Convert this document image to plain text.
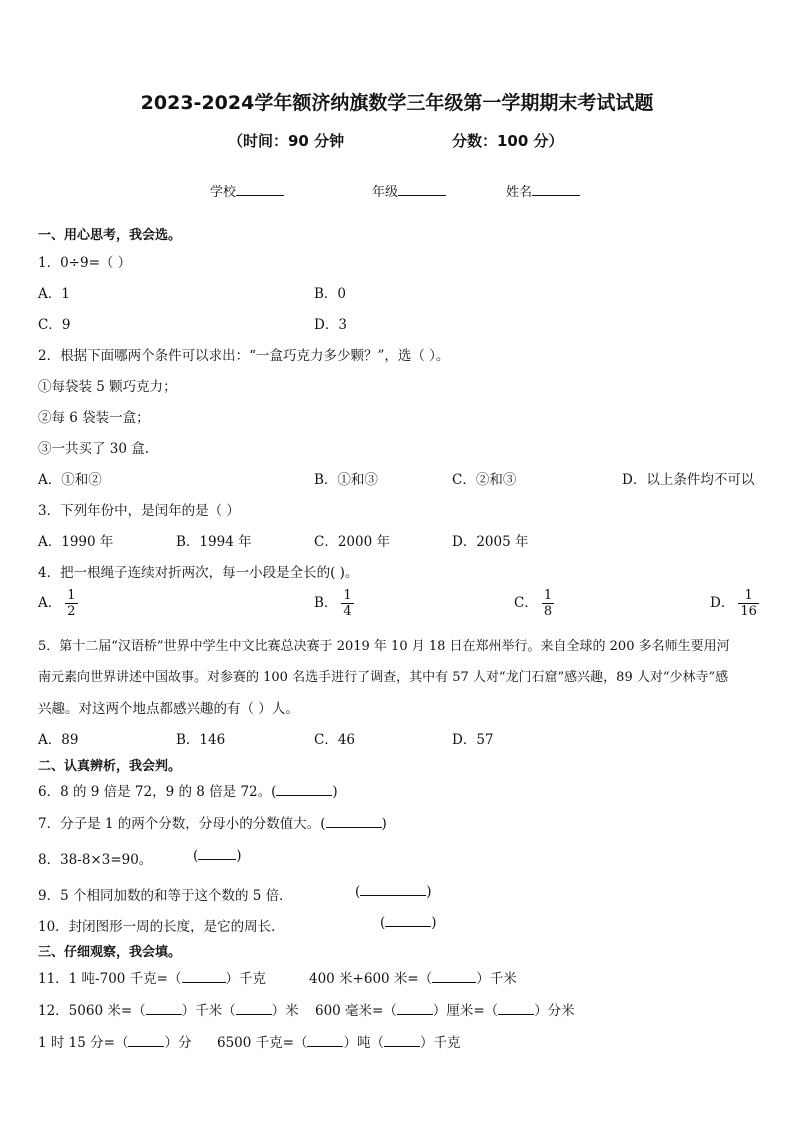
2023-2024学年额济纳旗数学三年级第一学期期末考试试题
（时间：90 分钟	分数：100 分）
学校	年级	姓名
一、用心思考，我会选。
1．0÷9=（ ）
A．1	B．0
C．9	D．3
2．根据下面哪两个条件可以求出：“一盒巧克力多少颗？”，选（ ）。
①每袋装 5 颗巧克力；
②每 6 袋装一盒；
③一共买了 30 盒.
A．①和②	B．①和③	C．②和③	D．以上条件均不可以
3．下列年份中，是闰年的是（ ）
A．1990 年	B．1994 年	C．2000 年	D．2005 年
4．把一根绳子连续对折两次，每一小段是全长的( )。
A． $\frac{1}{2}$	B． $\frac{1}{4}$	C． $\frac{1}{8}$	D． $\frac{1}{16}$
5．第十二届“汉语桥”世界中学生中文比赛总决赛于 2019 年 10 月 18 日在郑州举行。来自全球的 200 多名师生要用河
南元素向世界讲述中国故事。对参赛的 100 名选手进行了调查，其中有 57 人对“龙门石窟”感兴趣，89 人对“少林寺”感
兴趣。对这两个地点都感兴趣的有（ ）人。
A．89	B．146	C．46	D．57
二、认真辨析，我会判。
6．8 的 9 倍是 72，9 的 8 倍是 72。(	)
7．分子是 1 的两个分数，分母小的分数值大。(	)
8．38-8×3=90。	(	)
9．5 个相同加数的和等于这个数的 5 倍．	(	)
10．封闭图形一周的长度，是它的周长．	(	)
三、仔细观察，我会填。
11．1 吨-700 千克=（	）千克	400 米+600 米=（	）千米
12．5060 米=（	）千米（	）米 600 毫米=（	）厘米=（	）分米
1 时 15 分=（	）分 6500 千克=（	）吨（	）千克
